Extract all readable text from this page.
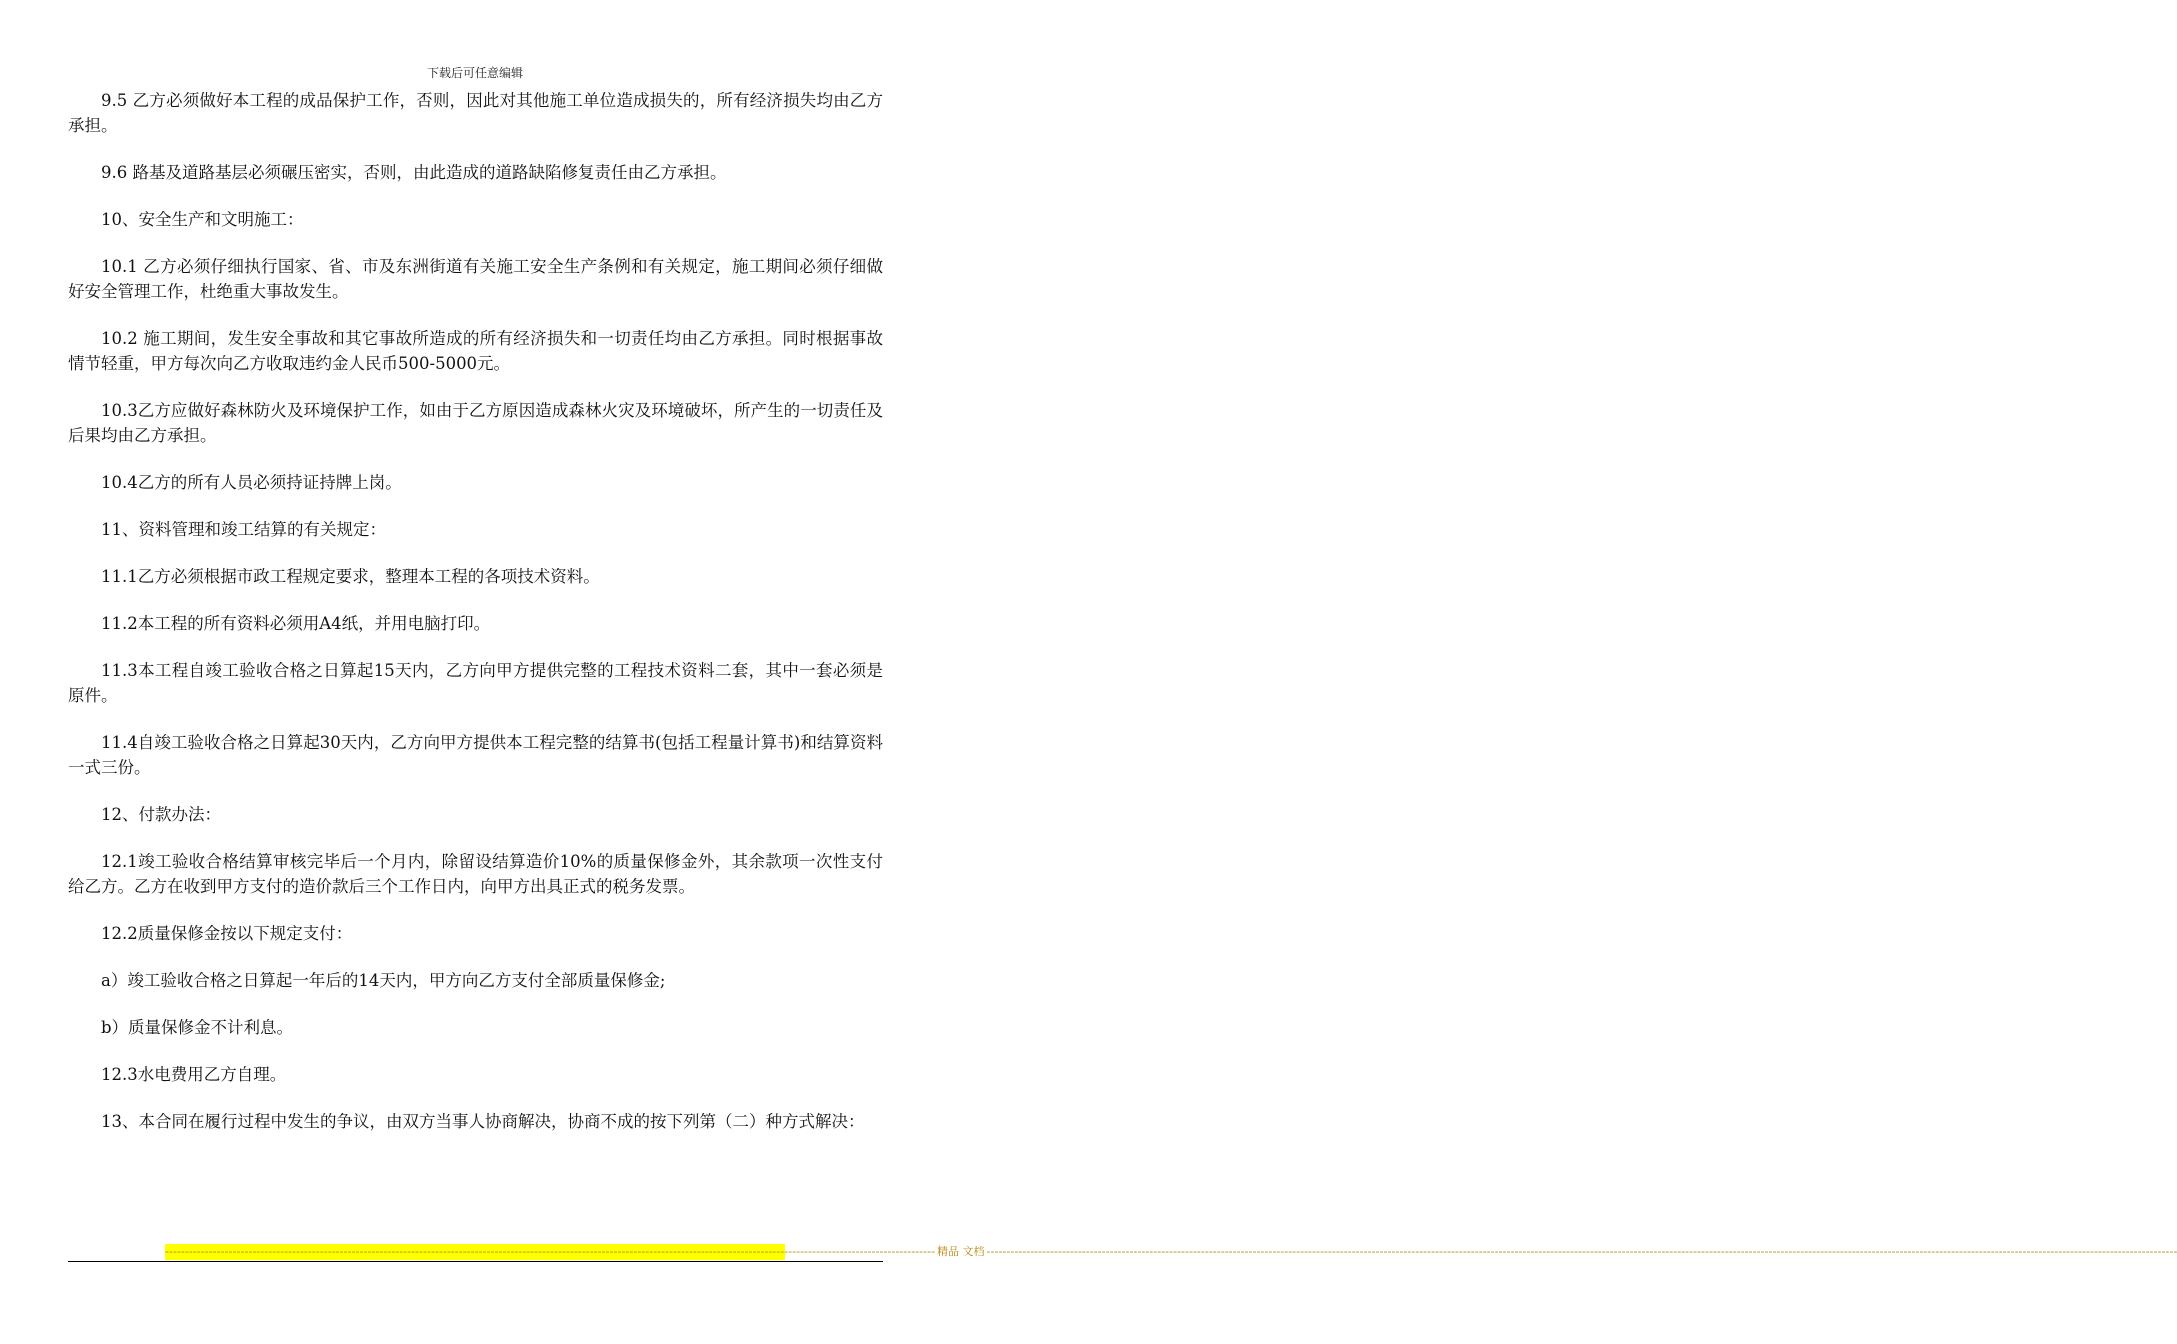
下载后可任意编辑

9.5 乙方必须做好本工程的成品保护工作，否则，因此对其他施工单位造成损失的，所有经济损失均由乙方承担。

9.6 路基及道路基层必须碾压密实，否则，由此造成的道路缺陷修复责任由乙方承担。

10、安全生产和文明施工：

10.1 乙方必须仔细执行国家、省、市及东洲街道有关施工安全生产条例和有关规定，施工期间必须仔细做好安全管理工作，杜绝重大事故发生。

10.2 施工期间，发生安全事故和其它事故所造成的所有经济损失和一切责任均由乙方承担。同时根据事故情节轻重，甲方每次向乙方收取违约金人民币500-5000元。

10.3乙方应做好森林防火及环境保护工作，如由于乙方原因造成森林火灾及环境破坏，所产生的一切责任及后果均由乙方承担。

10.4乙方的所有人员必须持证持牌上岗。

11、资料管理和竣工结算的有关规定：

11.1乙方必须根据市政工程规定要求，整理本工程的各项技术资料。

11.2本工程的所有资料必须用A4纸，并用电脑打印。

11.3本工程自竣工验收合格之日算起15天内，乙方向甲方提供完整的工程技术资料二套，其中一套必须是原件。

11.4自竣工验收合格之日算起30天内，乙方向甲方提供本工程完整的结算书(包括工程量计算书)和结算资料一式三份。

12、付款办法：

12.1竣工验收合格结算审核完毕后一个月内，除留设结算造价10%的质量保修金外，其余款项一次性支付给乙方。乙方在收到甲方支付的造价款后三个工作日内，向甲方出具正式的税务发票。

12.2质量保修金按以下规定支付：

a）竣工验收合格之日算起一年后的14天内，甲方向乙方支付全部质量保修金;

b）质量保修金不计利息。

12.3水电费用乙方自理。

13、本合同在履行过程中发生的争议，由双方当事人协商解决，协商不成的按下列第（二）种方式解决：

-------------------------------------------------------------------------------------------------------------------------------------------------------------------------------------------------- 精品 文档 ------------------------------------------------------------------------------------------------------------------------------------------------------------------------------------------------------------------------------------------------------------------------------------------------------------
